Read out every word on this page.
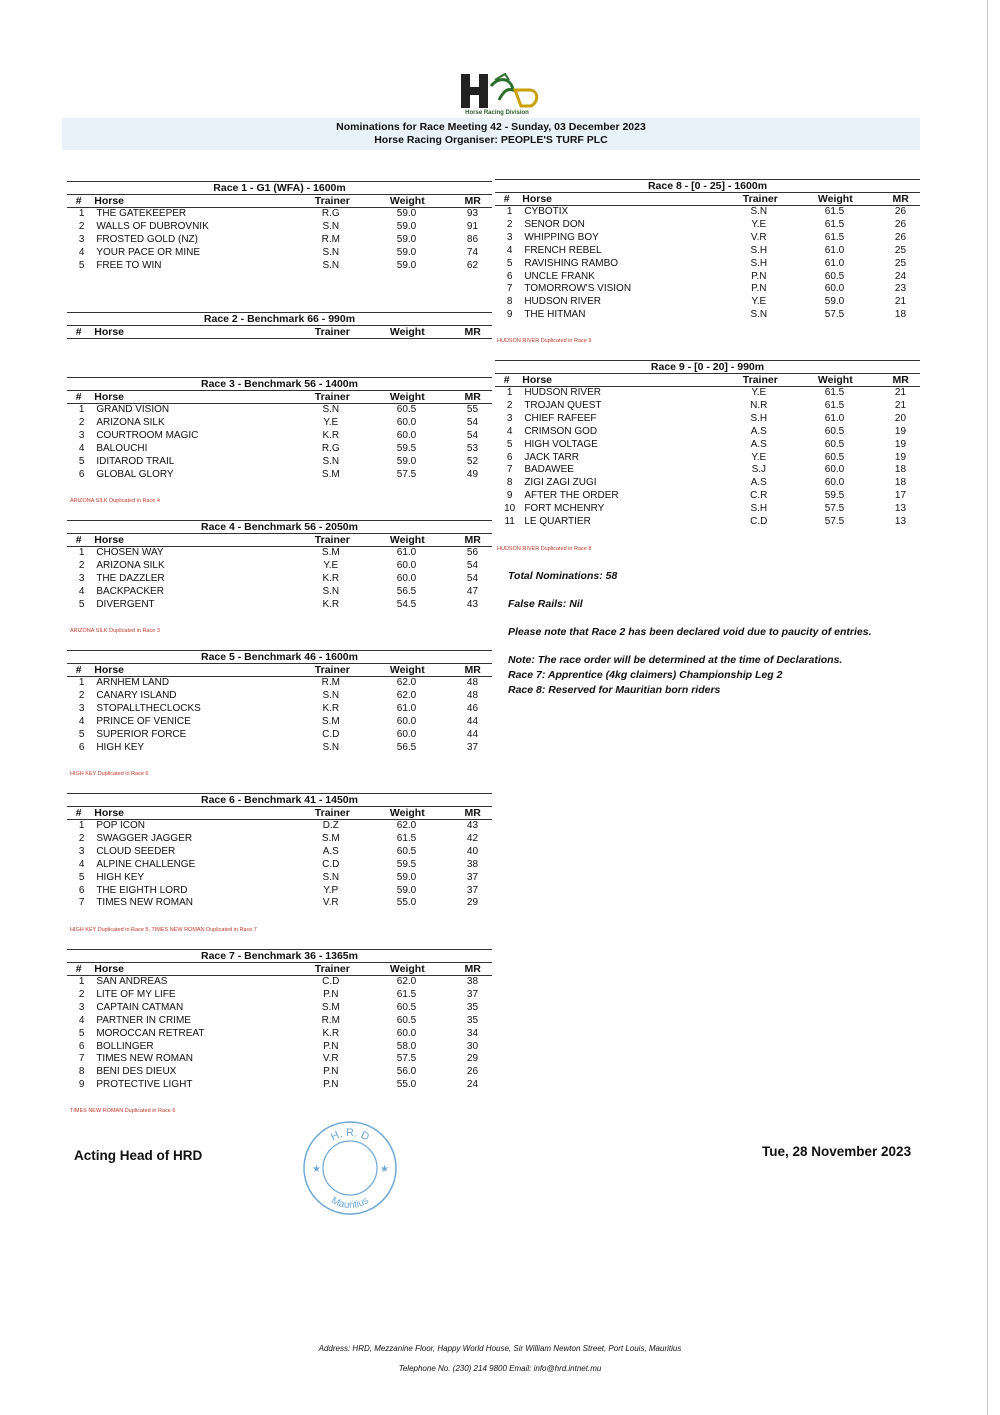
Horse Racing Division
Nominations for Race Meeting 42 - Sunday, 03 December 2023
Horse Racing Organiser: PEOPLE'S TURF PLC
Race 1 - G1 (WFA) - 1600m
#	Horse	Trainer	Weight	MR
1	THE GATEKEEPER	R.G	59.0	93
2	WALLS OF DUBROVNIK	S.N	59.0	91
3	FROSTED GOLD (NZ)	R.M	59.0	86
4	YOUR PACE OR MINE	S.N	59.0	74
5	FREE TO WIN	S.N	59.0	62
Race 2 - Benchmark 66 - 990m
#	Horse	Trainer	Weight	MR
Race 3 - Benchmark 56 - 1400m
#	Horse	Trainer	Weight	MR
1	GRAND VISION	S.N	60.5	55
2	ARIZONA SILK	Y.E	60.0	54
3	COURTROOM MAGIC	K.R	60.0	54
4	BALOUCHI	R.G	59.5	53
5	IDITAROD TRAIL	S.N	59.0	52
6	GLOBAL GLORY	S.M	57.5	49
ARIZONA SILK Duplicated in Race 4
Race 4 - Benchmark 56 - 2050m
#	Horse	Trainer	Weight	MR
1	CHOSEN WAY	S.M	61.0	56
2	ARIZONA SILK	Y.E	60.0	54
3	THE DAZZLER	K.R	60.0	54
4	BACKPACKER	S.N	56.5	47
5	DIVERGENT	K.R	54.5	43
ARIZONA SILK Duplicated in Race 3
Race 5 - Benchmark 46 - 1600m
#	Horse	Trainer	Weight	MR
1	ARNHEM LAND	R.M	62.0	48
2	CANARY ISLAND	S.N	62.0	48
3	STOPALLTHECLOCKS	K.R	61.0	46
4	PRINCE OF VENICE	S.M	60.0	44
5	SUPERIOR FORCE	C.D	60.0	44
6	HIGH KEY	S.N	56.5	37
HIGH KEY Duplicated in Race 6
Race 6 - Benchmark 41 - 1450m
#	Horse	Trainer	Weight	MR
1	POP ICON	D.Z	62.0	43
2	SWAGGER JAGGER	S.M	61.5	42
3	CLOUD SEEDER	A.S	60.5	40
4	ALPINE CHALLENGE	C.D	59.5	38
5	HIGH KEY	S.N	59.0	37
6	THE EIGHTH LORD	Y.P	59.0	37
7	TIMES NEW ROMAN	V.R	55.0	29
HIGH KEY Duplicated in Race 5, TIMES NEW ROMAN Duplicated in Race 7
Race 7 - Benchmark 36 - 1365m
#	Horse	Trainer	Weight	MR
1	SAN ANDREAS	C.D	62.0	38
2	LITE OF MY LIFE	P.N	61.5	37
3	CAPTAIN CATMAN	S.M	60.5	35
4	PARTNER IN CRIME	R.M	60.5	35
5	MOROCCAN RETREAT	K.R	60.0	34
6	BOLLINGER	P.N	58.0	30
7	TIMES NEW ROMAN	V.R	57.5	29
8	BENI DES DIEUX	P.N	56.0	26
9	PROTECTIVE LIGHT	P.N	55.0	24
TIMES NEW ROMAN Duplicated in Race 6
Race 8 - [0 - 25] - 1600m
#	Horse	Trainer	Weight	MR
1	CYBOTIX	S.N	61.5	26
2	SENOR DON	Y.E	61.5	26
3	WHIPPING BOY	V.R	61.5	26
4	FRENCH REBEL	S.H	61.0	25
5	RAVISHING RAMBO	S.H	61.0	25
6	UNCLE FRANK	P.N	60.5	24
7	TOMORROW'S VISION	P.N	60.0	23
8	HUDSON RIVER	Y.E	59.0	21
9	THE HITMAN	S.N	57.5	18
HUDSON RIVER Duplicated in Race 9
Race 9 - [0 - 20] - 990m
#	Horse	Trainer	Weight	MR
1	HUDSON RIVER	Y.E	61.5	21
2	TROJAN QUEST	N.R	61.5	21
3	CHIEF RAFEEF	S.H	61.0	20
4	CRIMSON GOD	A.S	60.5	19
5	HIGH VOLTAGE	A.S	60.5	19
6	JACK TARR	Y.E	60.5	19
7	BADAWEE	S.J	60.0	18
8	ZIGI ZAGI ZUGI	A.S	60.0	18
9	AFTER THE ORDER	C.R	59.5	17
10 FORT MCHENRY	S.H	57.5	13
11 LE QUARTIER	C.D	57.5	13
HUDSON RIVER Duplicated in Race 8
Total Nominations: 58
False Rails: Nil
Please note that Race 2 has been declared void due to paucity of entries.
Note: The race order will be determined at the time of Declarations.
Race 7: Apprentice (4kg claimers) Championship Leg 2
Race 8: Reserved for Mauritian born riders
Acting Head of HRD	Tue, 28 November 2023
H. R. D
Mauritius
★	★
Address: HRD, Mezzanine Floor, Happy World House, Sir William Newton Street, Port Louis, Mauritius
Telephone No. (230) 214 9800 Email: info@hrd.intnet.mu
